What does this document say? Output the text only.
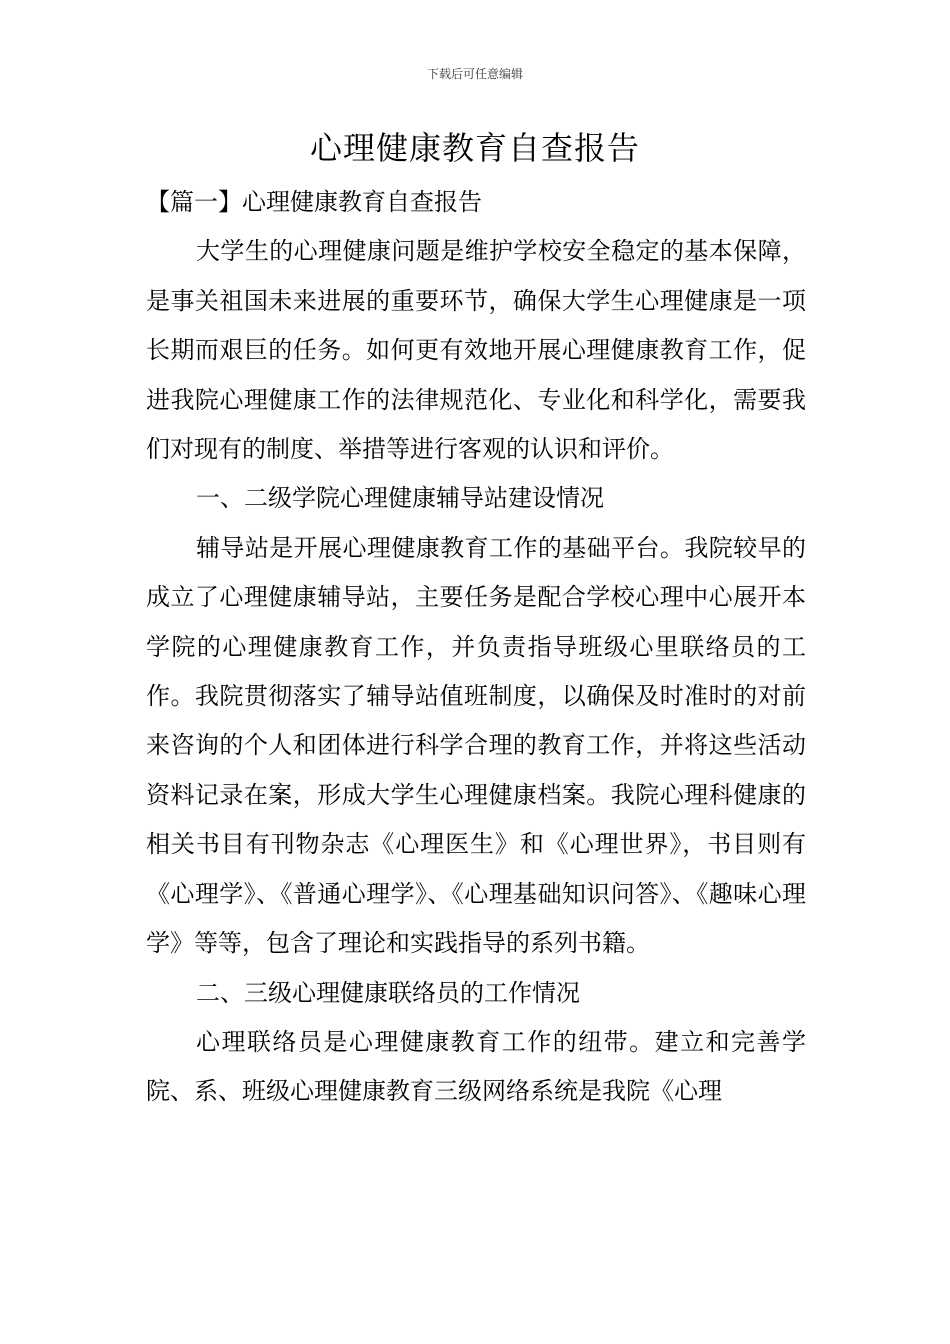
下载后可任意编辑
心理健康教育自查报告

【篇一】心理健康教育自查报告

大学生的心理健康问题是维护学校安全稳定的基本保障，是事关祖国未来进展的重要环节，确保大学生心理健康是一项长期而艰巨的任务。如何更有效地开展心理健康教育工作，促进我院心理健康工作的法律规范化、专业化和科学化，需要我们对现有的制度、举措等进行客观的认识和评价。

一、二级学院心理健康辅导站建设情况

辅导站是开展心理健康教育工作的基础平台。我院较早的成立了心理健康辅导站，主要任务是配合学校心理中心展开本学院的心理健康教育工作，并负责指导班级心里联络员的工作。我院贯彻落实了辅导站值班制度，以确保及时准时的对前来咨询的个人和团体进行科学合理的教育工作，并将这些活动资料记录在案，形成大学生心理健康档案。我院心理科健康的相关书目有刊物杂志《心理医生》和《心理世界》，书目则有《心理学》、《普通心理学》、《心理基础知识问答》、《趣味心理学》等等，包含了理论和实践指导的系列书籍。

二、三级心理健康联络员的工作情况

心理联络员是心理健康教育工作的纽带。建立和完善学院、系、班级心理健康教育三级网络系统是我院《心理
